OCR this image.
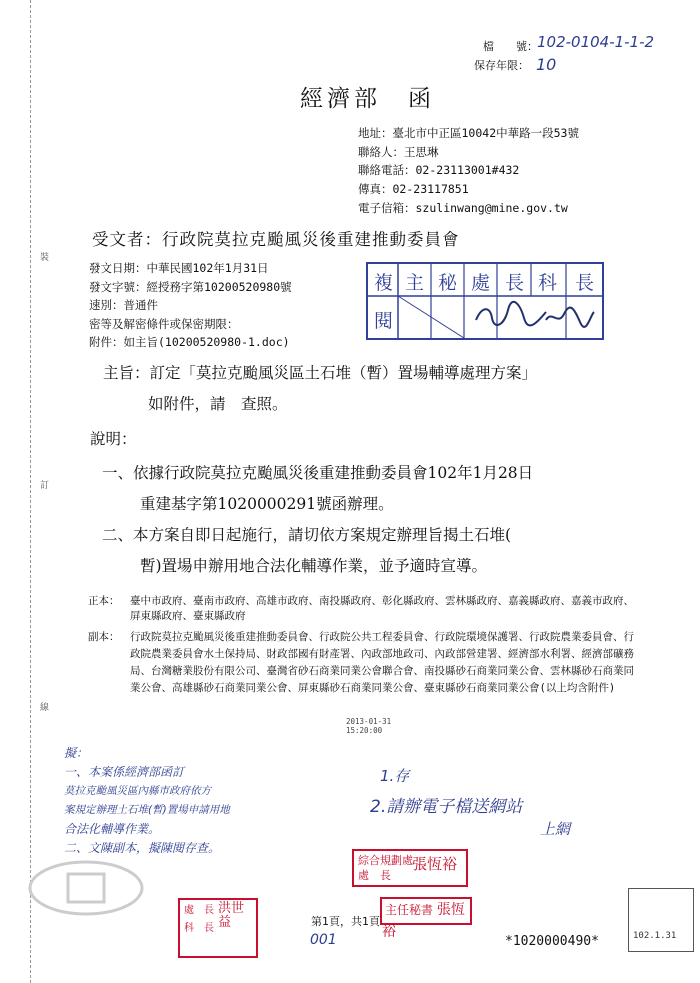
檔　　號： 102-0104-1-1-2
保存年限： 10
經濟部　函
地址：臺北市中正區10042中華路一段53號
聯絡人：王思琳
聯絡電話：02-23113001#432
傳真：02-23117851
電子信箱：szulinwang@mine.gov.tw
受文者：行政院莫拉克颱風災後重建推動委員會
發文日期：中華民國102年1月31日
發文字號：經授務字第10200520980號
速別：普通件
密等及解密條件或保密期限：
附件：如主旨(10200520980-1.doc)
複 主 秘 處 長 科 長
閱
主旨：訂定「莫拉克颱風災區土石堆（暫）置場輔導處理方案」
如附件，請　查照。
說明：
一、依據行政院莫拉克颱風災後重建推動委員會102年1月28日
重建基字第1020000291號函辦理。
二、本方案自即日起施行，請切依方案規定辦理旨揭土石堆(
暫)置場申辦用地合法化輔導作業，並予適時宣導。
正本：	臺中市政府、臺南市政府、高雄市政府、南投縣政府、彰化縣政府、雲林縣政府、嘉義縣政府、嘉義市政府、屏東縣政府、臺東縣政府
副本：	行政院莫拉克颱風災後重建推動委員會、行政院公共工程委員會、行政院環境保護署、行政院農業委員會、行政院農業委員會水土保持局、財政部國有財產署、內政部地政司、內政部營建署、經濟部水利署、經濟部礦務局、台灣糖業股份有限公司、臺灣省砂石商業同業公會聯合會、南投縣砂石商業同業公會、雲林縣砂石商業同業公會、高雄縣砂石商業同業公會、屏東縣砂石商業同業公會、臺東縣砂石商業同業公會(以上均含附件)
2013-01-31
15:20:00
裝
訂
線
擬：
一、本案係經濟部函訂
莫拉克颱風災區內縣市政府依方
案規定辦理土石堆(暫)置場申請用地
合法化輔導作業。
二、文陳副本，擬陳閱存查。
1.存
2.請辦電子檔送網站
上網
綜合規劃處
處　長
張恆裕
主任秘書 張恆裕
處　長
科　長
洪世益
102.1.31
第1頁，共1頁
001	*1020000490*
